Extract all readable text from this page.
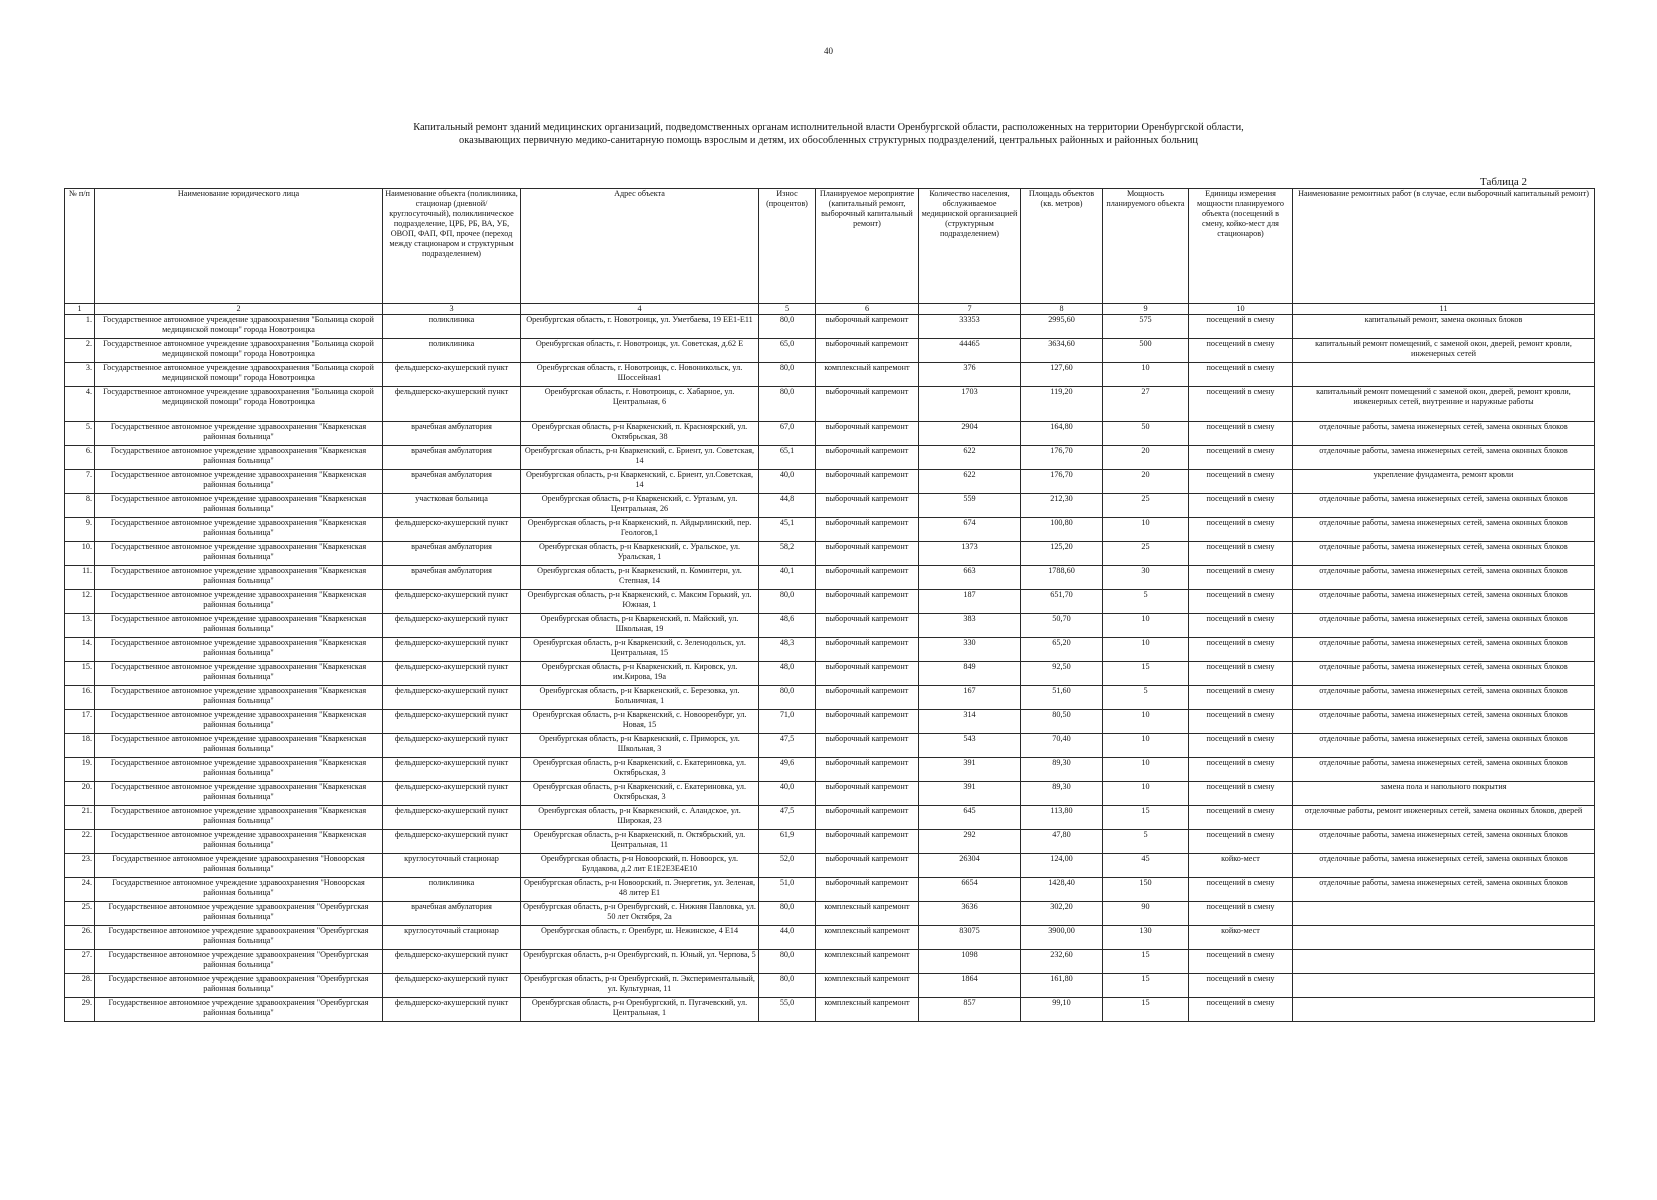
40
Капитальный ремонт зданий медицинских организаций, подведомственных органам исполнительной власти Оренбургской области, расположенных на территории Оренбургской области,
оказывающих первичную медико-санитарную помощь взрослым и детям, их обособленных структурных подразделений, центральных районных и районных больниц
Таблица 2
№ п/п	Наименование юридического лица	Наименование объекта (поликлиника, стационар (дневной/круглосуточный), поликлиническое подразделение, ЦРБ, РБ, ВА, УБ, ОВОП, ФАП, ФП, прочее (переход между стационаром и структурным подразделением)	Адрес объекта	Износ (процентов)	Планируемое мероприятие (капитальный ремонт, выборочный капитальный ремонт)	Количество населения, обслуживаемое медицинской организацией (структурным подразделением)	Площадь объектов (кв. метров)	Мощность планируемого объекта	Единицы измерения мощности планируемого объекта (посещений в смену, койко-мест для стационаров)	Наименование ремонтных работ (в случае, если выборочный капитальный ремонт)
1	2	3	4	5	6	7	8	9	10	11
1.	Государственное автономное учреждение здравоохранения "Больница скорой медицинской помощи" города Новотроицка	поликлиника	Оренбургская область, г. Новотроицк, ул. Уметбаева, 19 ЕЕ1-Е11	80,0	выборочный капремонт	33353	2995,60	575	посещений в смену	капитальный ремонт, замена оконных блоков
2.	Государственное автономное учреждение здравоохранения "Больница скорой медицинской помощи" города Новотроицка	поликлиника	Оренбургская область, г. Новотроицк, ул. Советская, д.62 Е	65,0	выборочный капремонт	44465	3634,60	500	посещений в смену	капитальный ремонт помещений, с заменой окон, дверей, ремонт кровли, инженерных сетей
3.	Государственное автономное учреждение здравоохранения "Больница скорой медицинской помощи" города Новотроицка	фельдшерско-акушерский пункт	Оренбургская область, г. Новотроицк, с. Новоникольск, ул. Шоссейная1	80,0	комплексный капремонт	376	127,60	10	посещений в смену	
4.	Государственное автономное учреждение здравоохранения "Больница скорой медицинской помощи" города Новотроицка	фельдшерско-акушерский пункт	Оренбургская область, г. Новотроицк, с. Хабарное, ул. Центральная, 6	80,0	выборочный капремонт	1703	119,20	27	посещений в смену	капитальный ремонт помещений с заменой окон, дверей, ремонт кровли, инженерных сетей, внутренние и наружные работы
5.	Государственное автономное учреждение здравоохранения "Кваркенская районная больница"	врачебная амбулатория	Оренбургская область, р-н Кваркенский, п. Красноярский, ул. Октябрьская, 38	67,0	выборочный капремонт	2904	164,80	50	посещений в смену	отделочные работы, замена инженерных сетей, замена оконных блоков
6.	Государственное автономное учреждение здравоохранения "Кваркенская районная больница"	врачебная амбулатория	Оренбургская область, р-н Кваркенский, с. Бриент, ул. Советская, 14	65,1	выборочный капремонт	622	176,70	20	посещений в смену	отделочные работы, замена инженерных сетей, замена оконных блоков
7.	Государственное автономное учреждение здравоохранения "Кваркенская районная больница"	врачебная амбулатория	Оренбургская область, р-н Кваркенский, с. Бриент, ул.Советская, 14	40,0	выборочный капремонт	622	176,70	20	посещений в смену	укрепление фундамента, ремонт кровли
8.	Государственное автономное учреждение здравоохранения "Кваркенская районная больница"	участковая больница	Оренбургская область, р-н Кваркенский, с. Уртазым, ул. Центральная, 26	44,8	выборочный капремонт	559	212,30	25	посещений в смену	отделочные работы, замена инженерных сетей, замена оконных блоков
9.	Государственное автономное учреждение здравоохранения "Кваркенская районная больница"	фельдшерско-акушерский пункт	Оренбургская область, р-н Кваркенский, п. Айдырлинский, пер. Геологов,1	45,1	выборочный капремонт	674	100,80	10	посещений в смену	отделочные работы, замена инженерных сетей, замена оконных блоков
10.	Государственное автономное учреждение здравоохранения "Кваркенская районная больница"	врачебная амбулатория	Оренбургская область, р-н Кваркенский, с. Уральское, ул. Уральская, 1	58,2	выборочный капремонт	1373	125,20	25	посещений в смену	отделочные работы, замена инженерных сетей, замена оконных блоков
11.	Государственное автономное учреждение здравоохранения "Кваркенская районная больница"	врачебная амбулатория	Оренбургская область, р-н Кваркенский, п. Коминтерн, ул. Степная, 14	40,1	выборочный капремонт	663	1788,60	30	посещений в смену	отделочные работы, замена инженерных сетей, замена оконных блоков
12.	Государственное автономное учреждение здравоохранения "Кваркенская районная больница"	фельдшерско-акушерский пункт	Оренбургская область, р-н Кваркенский, с. Максим Горький, ул. Южная, 1	80,0	выборочный капремонт	187	651,70	5	посещений в смену	отделочные работы, замена инженерных сетей, замена оконных блоков
13.	Государственное автономное учреждение здравоохранения "Кваркенская районная больница"	фельдшерско-акушерский пункт	Оренбургская область, р-н Кваркенский, п. Майский, ул. Школьная, 19	48,6	выборочный капремонт	383	50,70	10	посещений в смену	отделочные работы, замена инженерных сетей, замена оконных блоков
14.	Государственное автономное учреждение здравоохранения "Кваркенская районная больница"	фельдшерско-акушерский пункт	Оренбургская область, р-н Кваркенский, с. Зеленодольск, ул. Центральная, 15	48,3	выборочный капремонт	330	65,20	10	посещений в смену	отделочные работы, замена инженерных сетей, замена оконных блоков
15.	Государственное автономное учреждение здравоохранения "Кваркенская районная больница"	фельдшерско-акушерский пункт	Оренбургская область, р-н Кваркенский, п. Кировск, ул. им.Кирова, 19а	48,0	выборочный капремонт	849	92,50	15	посещений в смену	отделочные работы, замена инженерных сетей, замена оконных блоков
16.	Государственное автономное учреждение здравоохранения "Кваркенская районная больница"	фельдшерско-акушерский пункт	Оренбургская область, р-н Кваркенский, с. Березовка, ул. Больничная, 1	80,0	выборочный капремонт	167	51,60	5	посещений в смену	отделочные работы, замена инженерных сетей, замена оконных блоков
17.	Государственное автономное учреждение здравоохранения "Кваркенская районная больница"	фельдшерско-акушерский пункт	Оренбургская область, р-н Кваркенский, с. Новооренбург, ул. Новая, 15	71,0	выборочный капремонт	314	80,50	10	посещений в смену	отделочные работы, замена инженерных сетей, замена оконных блоков
18.	Государственное автономное учреждение здравоохранения "Кваркенская районная больница"	фельдшерско-акушерский пункт	Оренбургская область, р-н Кваркенский, с. Приморск, ул. Школьная, 3	47,5	выборочный капремонт	543	70,40	10	посещений в смену	отделочные работы, замена инженерных сетей, замена оконных блоков
19.	Государственное автономное учреждение здравоохранения "Кваркенская районная больница"	фельдшерско-акушерский пункт	Оренбургская область, р-н Кваркенский, с. Екатериновка, ул. Октябрьская, 3	49,6	выборочный капремонт	391	89,30	10	посещений в смену	отделочные работы, замена инженерных сетей, замена оконных блоков
20.	Государственное автономное учреждение здравоохранения "Кваркенская районная больница"	фельдшерско-акушерский пункт	Оренбургская область, р-н Кваркенский, с. Екатериновка, ул. Октябрьская, 3	40,0	выборочный капремонт	391	89,30	10	посещений в смену	замена пола и напольного покрытия
21.	Государственное автономное учреждение здравоохранения "Кваркенская районная больница"	фельдшерско-акушерский пункт	Оренбургская область, р-н Кваркенский, с. Аландское, ул. Широкая, 23	47,5	выборочный капремонт	645	113,80	15	посещений в смену	отделочные работы, ремонт инженерных сетей, замена оконных блоков, дверей
22.	Государственное автономное учреждение здравоохранения "Кваркенская районная больница"	фельдшерско-акушерский пункт	Оренбургская область, р-н Кваркенский, п. Октябрьский, ул. Центральная, 11	61,9	выборочный капремонт	292	47,80	5	посещений в смену	отделочные работы, замена инженерных сетей, замена оконных блоков
23.	Государственное автономное учреждение здравоохранения "Новоорская районная больница"	круглосуточный стационар	Оренбургская область, р-н Новоорский, п. Новоорск, ул. Булдакова, д.2 лит Е1Е2Е3Е4Е10	52,0	выборочный капремонт	26304	124,00	45	койко-мест	отделочные работы, замена инженерных сетей, замена оконных блоков
24.	Государственное автономное учреждение здравоохранения "Новоорская районная больница"	поликлиника	Оренбургская область, р-н Новоорский, п. Энергетик, ул. Зеленая, 48 литер Е1	51,0	выборочный капремонт	6654	1428,40	150	посещений в смену	отделочные работы, замена инженерных сетей, замена оконных блоков
25.	Государственное автономное учреждение здравоохранения "Оренбургская районная больница"	врачебная амбулатория	Оренбургская область, р-н Оренбургский, с. Нижняя Павловка, ул. 50 лет Октября, 2а	80,0	комплексный капремонт	3636	302,20	90	посещений в смену	
26.	Государственное автономное учреждение здравоохранения "Оренбургская районная больница"	круглосуточный стационар	Оренбургская область, г. Оренбург, ш. Нежинское, 4 Е14	44,0	комплексный капремонт	83075	3900,00	130	койко-мест	
27.	Государственное автономное учреждение здравоохранения "Оренбургская районная больница"	фельдшерско-акушерский пункт	Оренбургская область, р-н Оренбургский, п. Юный, ул. Черпова, 5	80,0	комплексный капремонт	1098	232,60	15	посещений в смену	
28.	Государственное автономное учреждение здравоохранения "Оренбургская районная больница"	фельдшерско-акушерский пункт	Оренбургская область, р-н Оренбургский, п. Экспериментальный, ул. Культурная, 11	80,0	комплексный капремонт	1864	161,80	15	посещений в смену	
29.	Государственное автономное учреждение здравоохранения "Оренбургская районная больница"	фельдшерско-акушерский пункт	Оренбургская область, р-н Оренбургский, п. Пугачевский, ул. Центральная, 1	55,0	комплексный капремонт	857	99,10	15	посещений в смену	
